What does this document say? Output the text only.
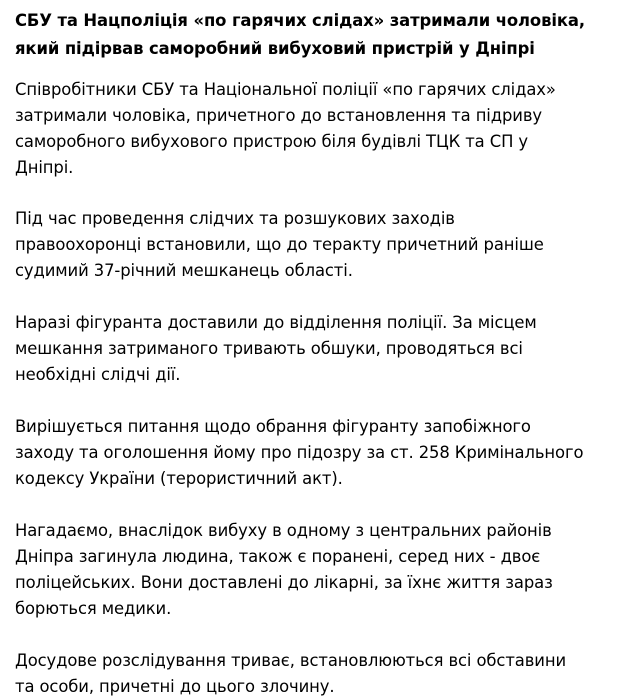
СБУ та Нацполіція «по гарячих слідах» затримали чоловіка,
який підірвав саморобний вибуховий пристрій у Дніпрі

Співробітники СБУ та Національної поліції «по гарячих слідах»
затримали чоловіка, причетного до встановлення та підриву
саморобного вибухового пристрою біля будівлі ТЦК та СП у
Дніпрі.

Під час проведення слідчих та розшукових заходів
правоохоронці встановили, що до теракту причетний раніше
судимий 37-річний мешканець області.

Наразі фігуранта доставили до відділення поліції. За місцем
мешкання затриманого тривають обшуки, проводяться всі
необхідні слідчі дії.

Вирішується питання щодо обрання фігуранту запобіжного
заходу та оголошення йому про підозру за ст. 258 Кримінального
кодексу України (терористичний акт).

Нагадаємо, внаслідок вибуху в одному з центральних районів
Дніпра загинула людина, також є поранені, серед них - двоє
поліцейських. Вони доставлені до лікарні, за їхнє життя зараз
борються медики.

Досудове розслідування триває, встановлюються всі обставини
та особи, причетні до цього злочину.
